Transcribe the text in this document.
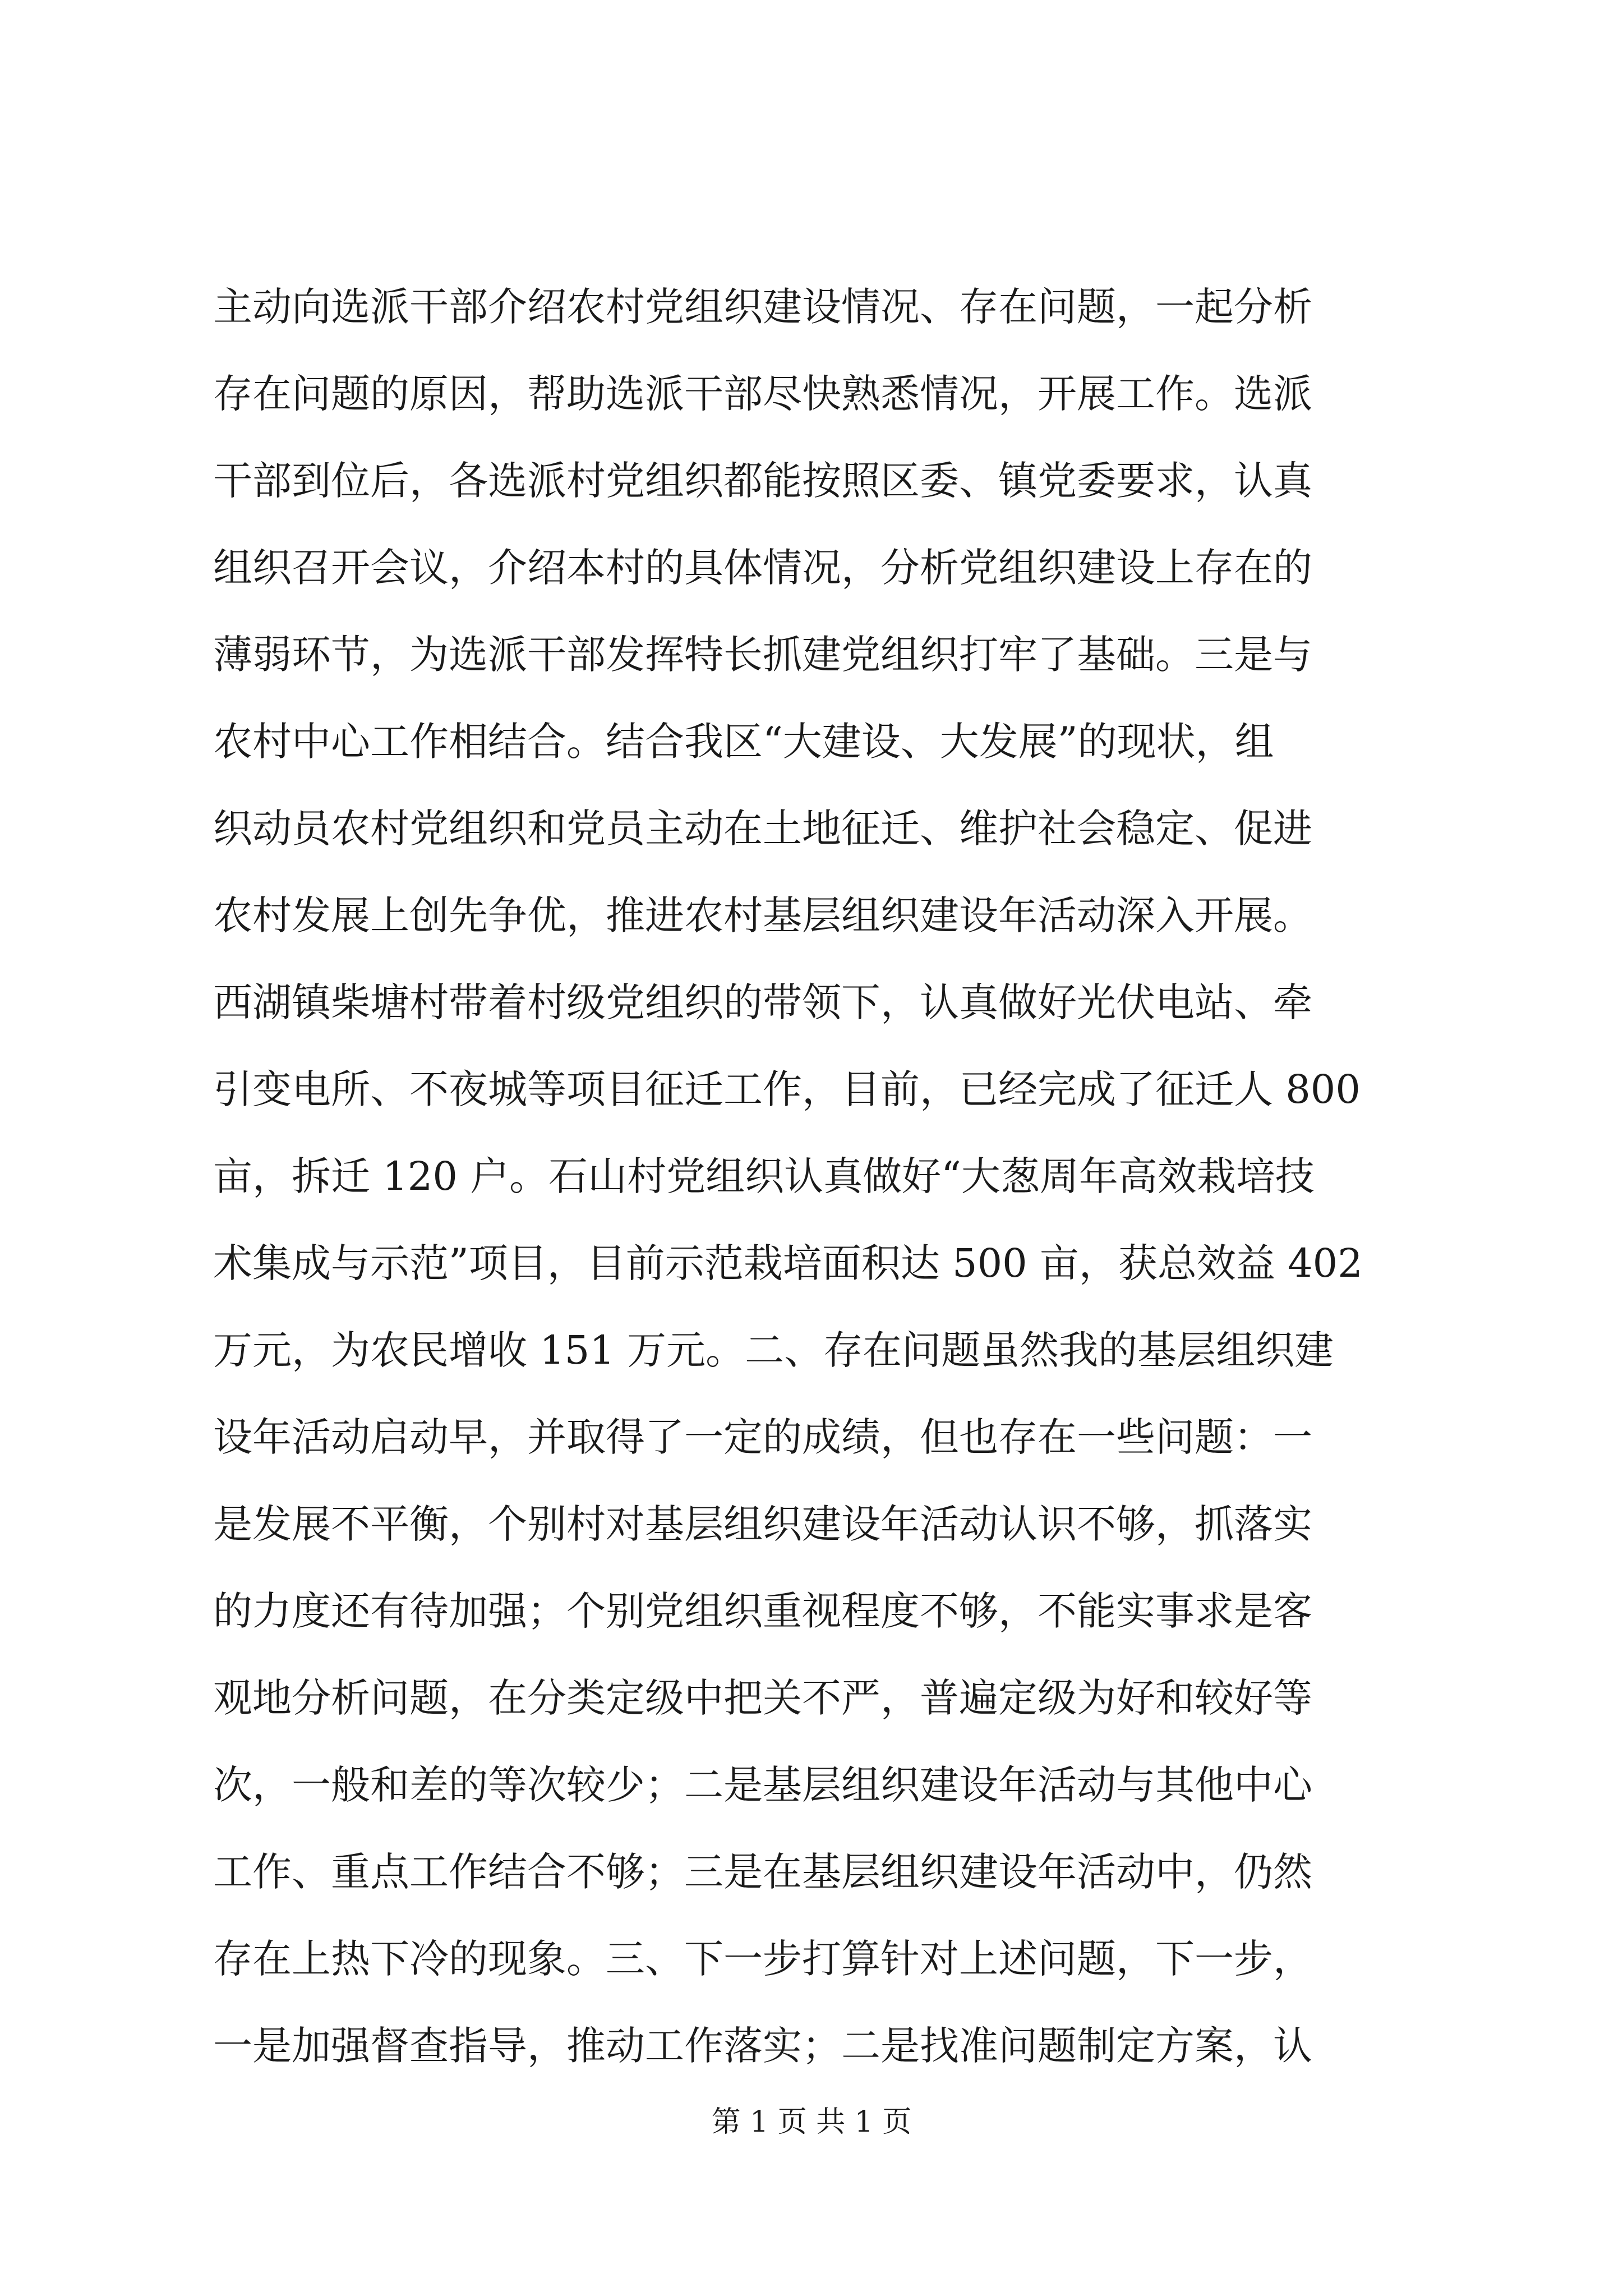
主动向选派干部介绍农村党组织建设情况、存在问题，一起分析
存在问题的原因，帮助选派干部尽快熟悉情况，开展工作。选派
干部到位后，各选派村党组织都能按照区委、镇党委要求，认真
组织召开会议，介绍本村的具体情况，分析党组织建设上存在的
薄弱环节，为选派干部发挥特长抓建党组织打牢了基础。三是与
农村中心工作相结合。结合我区“大建设、大发展”的现状，组
织动员农村党组织和党员主动在土地征迁、维护社会稳定、促进
农村发展上创先争优，推进农村基层组织建设年活动深入开展。
西湖镇柴塘村带着村级党组织的带领下，认真做好光伏电站、牵
引变电所、不夜城等项目征迁工作，目前，已经完成了征迁人 800
亩，拆迁 120 户。石山村党组织认真做好“大葱周年高效栽培技
术集成与示范”项目，目前示范栽培面积达 500 亩，获总效益 402
万元，为农民增收 151 万元。二、存在问题虽然我的基层组织建
设年活动启动早，并取得了一定的成绩，但也存在一些问题：一
是发展不平衡，个别村对基层组织建设年活动认识不够，抓落实
的力度还有待加强；个别党组织重视程度不够，不能实事求是客
观地分析问题，在分类定级中把关不严，普遍定级为好和较好等
次，一般和差的等次较少；二是基层组织建设年活动与其他中心
工作、重点工作结合不够；三是在基层组织建设年活动中，仍然
存在上热下冷的现象。三、下一步打算针对上述问题，下一步，
一是加强督查指导，推动工作落实；二是找准问题制定方案，认
第 1 页 共 1 页
